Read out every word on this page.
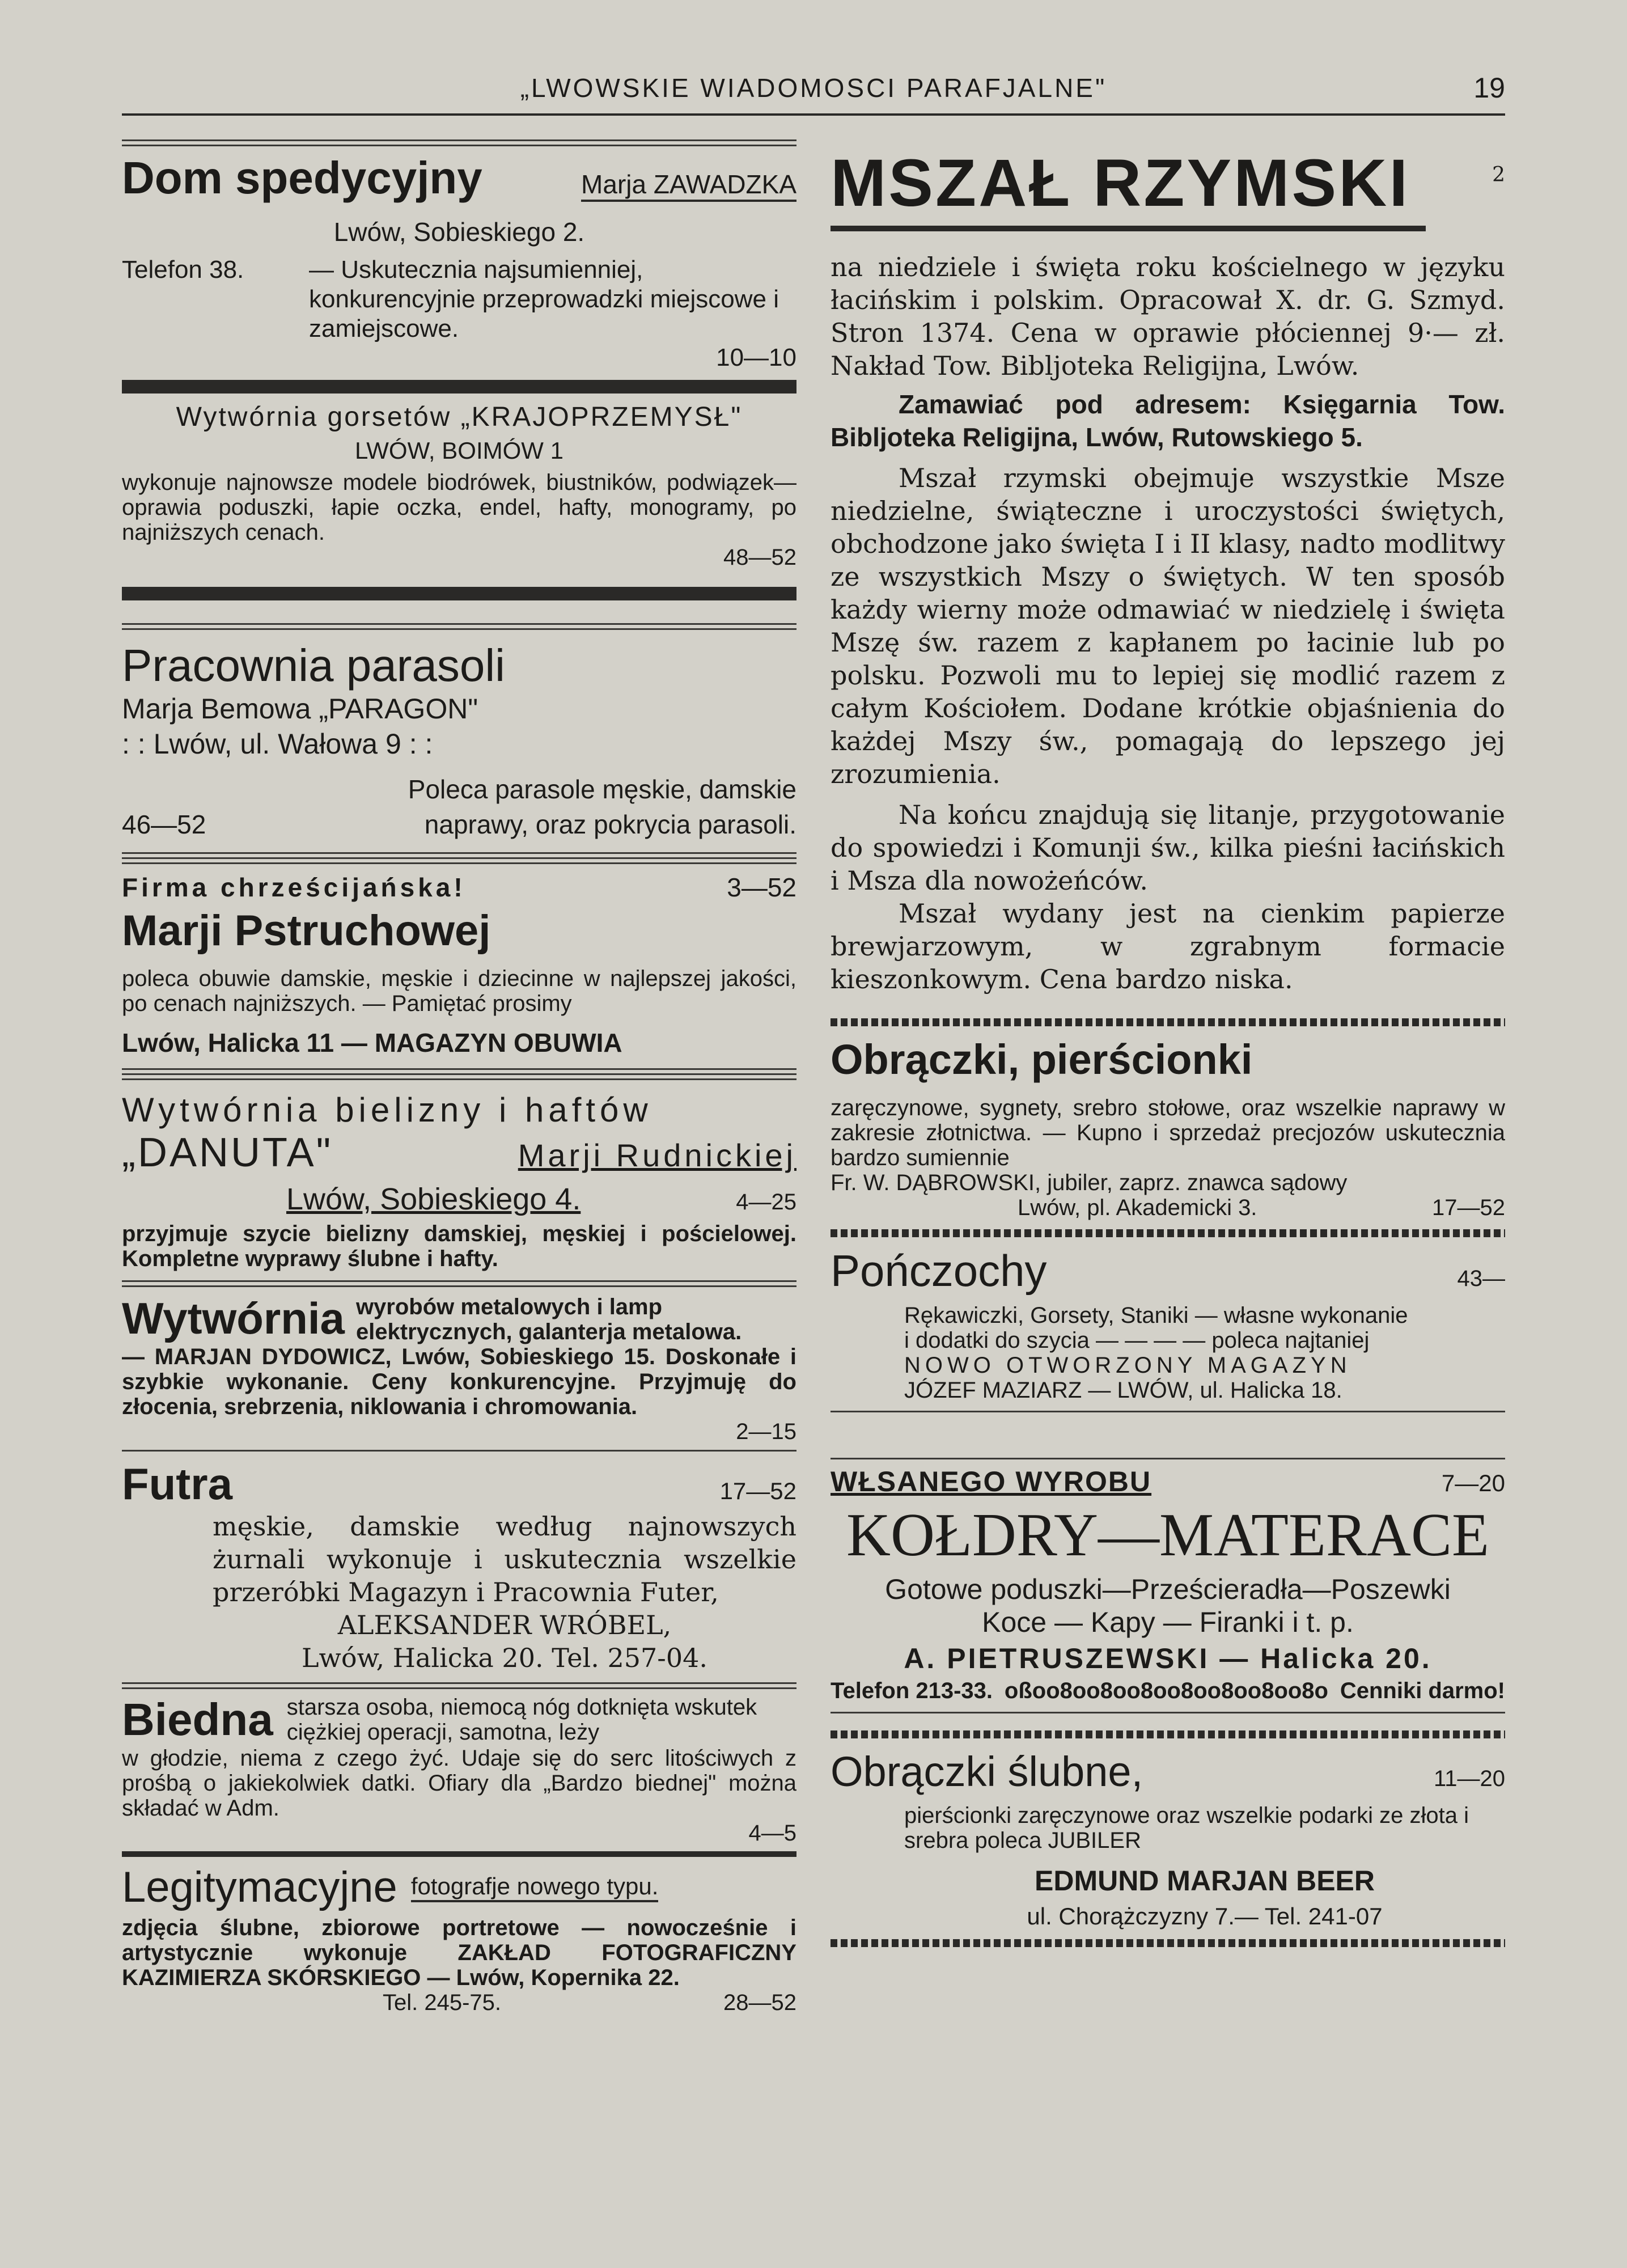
„LWOWSKIE WIADOMOSCI PARAFJALNE"	19
Dom spedycyjny	Marja ZAWADZKA
Lwów, Sobieskiego 2.
Telefon 38.	— Uskutecznia najsumienniej, konkurencyjnie przeprowadzki miejscowe i zamiejscowe.
10—10
Wytwórnia gorsetów „KRAJOPRZEMYSŁ"
LWÓW, BOIMÓW 1
wykonuje najnowsze modele biodrówek, biustników, podwiązek—oprawia poduszki, łapie oczka, endel, hafty, monogramy, po najniższych cenach.
48—52
Pracownia parasoli
Marja Bemowa „PARAGON"
: : Lwów, ul. Wałowa 9 : :
Poleca parasole męskie, damskie
46—52	naprawy, oraz pokrycia parasoli.
Firma chrześcijańska!	3—52
Marji Pstruchowej
poleca obuwie damskie, męskie i dziecinne w najlepszej jakości, po cenach najniższych. — Pamiętać prosimy
Lwów, Halicka 11 — MAGAZYN OBUWIA
Wytwórnia bielizny i haftów
„DANUTA"	Marji Rudnickiej
Lwów, Sobieskiego 4.	4—25
przyjmuje szycie bielizny damskiej, męskiej i pościelowej. Kompletne wyprawy ślubne i hafty.
Wytwórnia wyrobów metalowych i lamp elektrycznych, galanterja metalowa.
— MARJAN DYDOWICZ, Lwów, Sobieskiego 15. Doskonałe i szybkie wykonanie. Ceny konkurencyjne. Przyjmuję do złocenia, srebrzenia, niklowania i chromowania.
2—15
Futra	17—52
męskie, damskie według najnowszych żurnali wykonuje i uskutecznia wszelkie przeróbki Magazyn i Pracownia Futer,
ALEKSANDER WRÓBEL,
Lwów, Halicka 20. Tel. 257-04.
Biedna starsza osoba, niemocą nóg dotknięta wskutek ciężkiej operacji, samotna, leży
w głodzie, niema z czego żyć. Udaje się do serc litościwych z prośbą o jakiekolwiek datki. Ofiary dla „Bardzo biednej" można składać w Adm.
4—5
Legitymacyjne fotografje nowego typu.
zdjęcia ślubne, zbiorowe portretowe — nowocześnie i artystycznie wykonuje ZAKŁAD FOTOGRAFICZNY KAZIMIERZA SKÓRSKIEGO — Lwów, Kopernika 22.
Tel. 245-75.	28—52
2
MSZAŁ RZYMSKI
na niedziele i święta roku kościelnego w języku łacińskim i polskim. Opracował X. dr. G. Szmyd. Stron 1374. Cena w oprawie płóciennej 9·— zł. Nakład Tow. Bibljoteka Religijna, Lwów.
Zamawiać pod adresem: Księgarnia Tow. Bibljoteka Religijna, Lwów, Rutowskiego 5.
Mszał rzymski obejmuje wszystkie Msze niedzielne, świąteczne i uroczystości świętych, obchodzone jako święta I i II klasy, nadto modlitwy ze wszystkich Mszy o świętych. W ten sposób każdy wierny może odmawiać w niedzielę i święta Mszę św. razem z kapłanem po łacinie lub po polsku. Pozwoli mu to lepiej się modlić razem z całym Kościołem. Dodane krótkie objaśnienia do każdej Mszy św., pomagają do lepszego jej zrozumienia.
Na końcu znajdują się litanje, przygotowanie do spowiedzi i Komunji św., kilka pieśni łacińskich i Msza dla nowożeńców.
Mszał wydany jest na cienkim papierze brewjarzowym, w zgrabnym formacie kieszonkowym. Cena bardzo niska.
Obrączki, pierścionki
zaręczynowe, sygnety, srebro stołowe, oraz wszelkie naprawy w zakresie złotnictwa. — Kupno i sprzedaż precjozów uskutecznia bardzo sumiennie
Fr. W. DĄBROWSKI, jubiler, zaprz. znawca sądowy
Lwów, pl. Akademicki 3.	17—52
Pończochy	43—
Rękawiczki, Gorsety, Staniki — własne wykonanie
i dodatki do szycia — — — — poleca najtaniej
NOWO OTWORZONY MAGAZYN
JÓZEF MAZIARZ — LWÓW, ul. Halicka 18.
WŁSANEGO WYROBU	7—20
KOŁDRY—MATERACE
Gotowe poduszki—Prześcieradła—Poszewki
Koce — Kapy — Firanki i t. p.
A. PIETRUSZEWSKI — Halicka 20.
Telefon 213-33. oßoo8oo8oo8oo8oo8oo8oo8o Cenniki darmo!
Obrączki ślubne,	11—20
pierścionki zaręczynowe oraz wszelkie podarki ze złota i srebra poleca JUBILER
EDMUND MARJAN BEER
ul. Chorążczyzny 7.— Tel. 241-07
